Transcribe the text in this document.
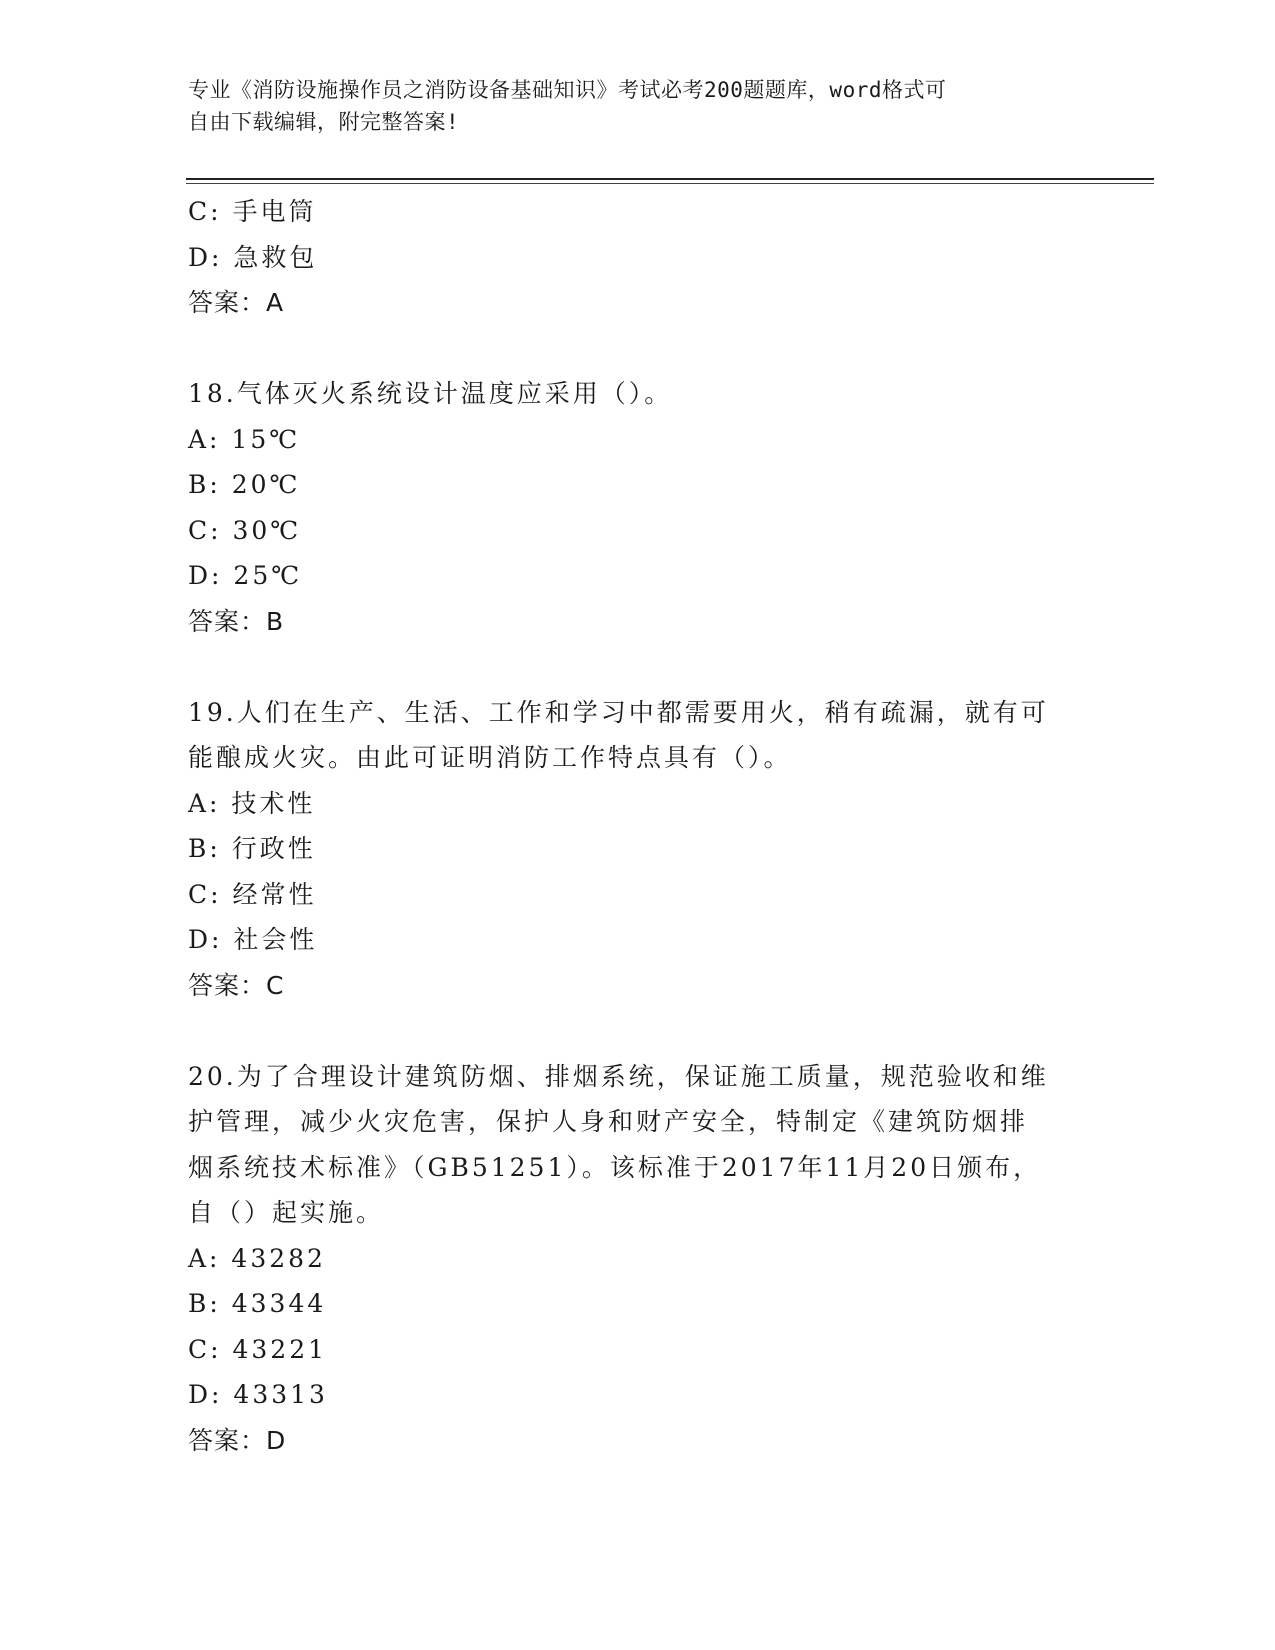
专业《消防设施操作员之消防设备基础知识》考试必考200题题库，word格式可
自由下载编辑，附完整答案!
C: 手电筒
D: 急救包
答案：A
18.气体灭火系统设计温度应采用（）。
A: 15℃
B: 20℃
C: 30℃
D: 25℃
答案：B
19.人们在生产、生活、工作和学习中都需要用火，稍有疏漏，就有可
能酿成火灾。由此可证明消防工作特点具有（）。
A: 技术性
B: 行政性
C: 经常性
D: 社会性
答案：C
20.为了合理设计建筑防烟、排烟系统，保证施工质量，规范验收和维
护管理，减少火灾危害，保护人身和财产安全，特制定《建筑防烟排
烟系统技术标准》（GB51251）。该标准于2017年11月20日颁布，
自（）起实施。
A: 43282
B: 43344
C: 43221
D: 43313
答案：D
